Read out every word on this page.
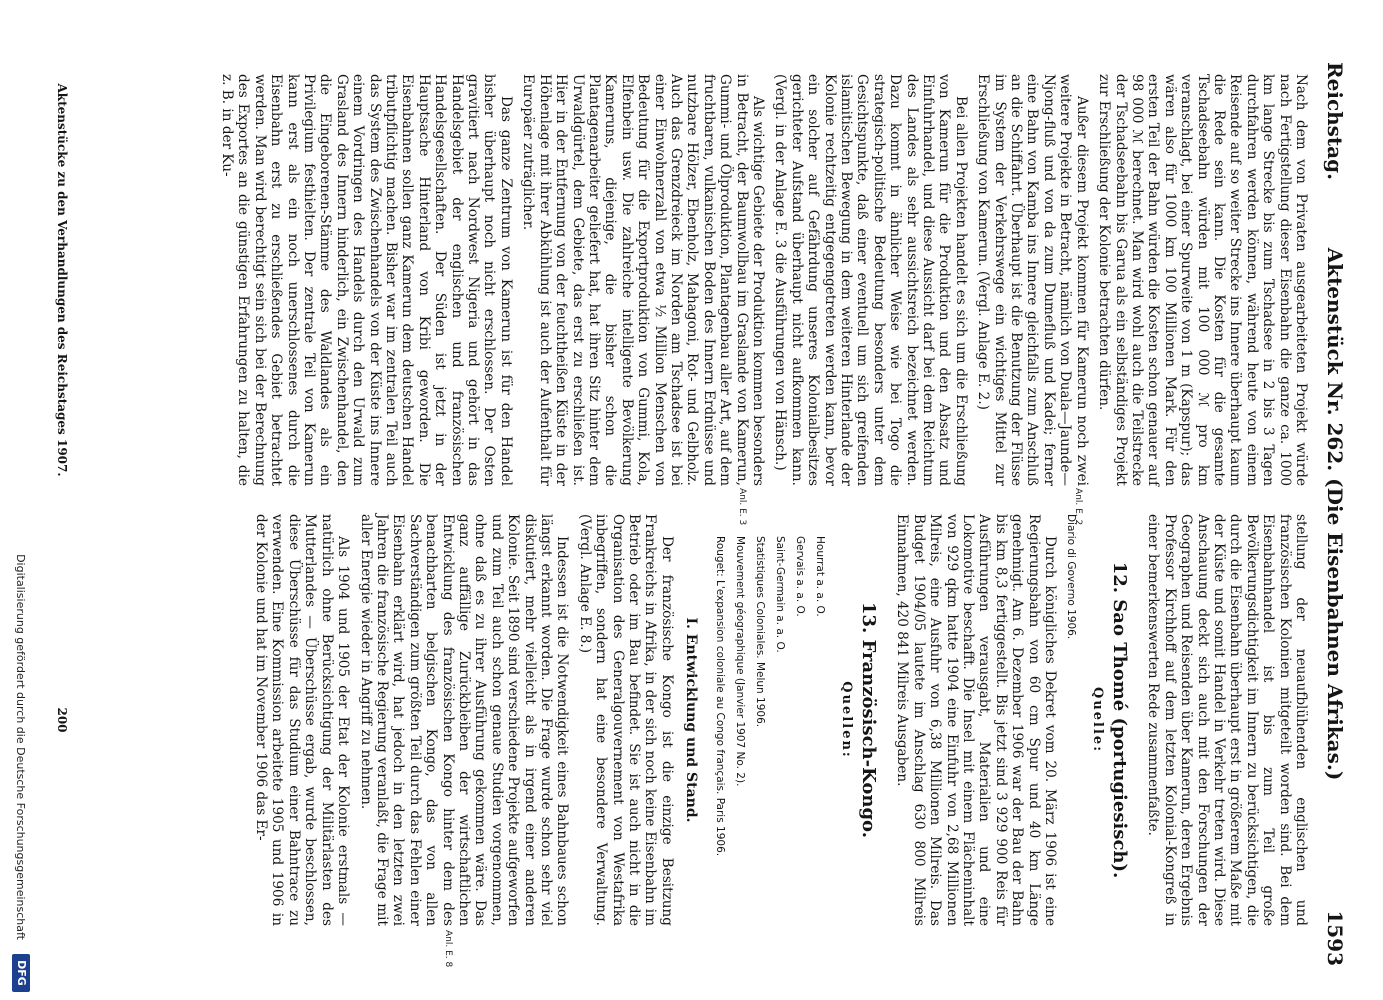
Reichstag.
Aktenstück Nr. 262. (Die Eisenbahnen Afrikas.)
1593

Nach dem von Privaten ausgearbeiteten Projekt würde nach Fertigstellung dieser Eisenbahn die ganze ca. 1000 km lange Strecke bis zum Tschadsee in 2 bis 3 Tagen durchfahren werden können, während heute von einem Reisende auf so weiter Strecke ins Innere überhaupt kaum die Rede sein kann. Die Kosten für die gesamte Tschadseebahn würden mit 100 000 ℳ pro km veranschlagt, bei einer Spurweite von 1 m (Kapspur); das wären also für 1000 km 100 Millionen Mark. Für den ersten Teil der Bahn würden die Kosten schon genauer auf 98 000 ℳ berechnet. Man wird wohl auch die Teilstrecke der Tschadseebahn bis Garua als ein selbständiges Projekt zur Erschließung der Kolonie betrachten dürfen.

Außer diesem Projekt kommen für Kamerun noch zwei weitere Projekte in Betracht, nämlich von Duala—Jaunde—Njong-fluß und von da zum Dumefluß und Kadei; ferner eine Bahn von Kamba ins Innere gleichfalls zum Anschluß an die Schiffahrt. Überhaupt ist die Benutzung der Flüsse im System der Verkehrswege ein wichtiges Mittel zur Erschließung von Kamerun. (Vergl. Anlage E. 2.)

Bei allen Projekten handelt es sich um die Erschließung von Kamerun für die Produktion und den Absatz und Einfuhrhandel, und diese Aussicht darf bei dem Reichtum des Landes als sehr aussichtsreich bezeichnet werden. Dazu kommt in ähnlicher Weise wie bei Togo die strategisch-politische Bedeutung besonders unter dem Gesichtspunkte, daß einer eventuell um sich greifenden islamitischen Bewegung in dem weiteren Hinterlande der Kolonie rechtzeitig entgegengetreten werden kann, bevor ein solcher auf Gefährdung unseres Kolonialbesitzes gerichteter Aufstand überhaupt nicht aufkommen kann. (Vergl. in der Anlage E. 3 die Ausführungen von Hänsch.)

Als wichtige Gebiete der Produktion kommen besonders in Betracht, der Baumwollbau im Graslande von Kamerun, Gummi- und Ölproduktion, Plantagenbau aller Art, auf dem fruchtbaren, vulkanischen Boden des Innern Erdnüsse und nutzbare Hölzer, Ebenholz, Mahagoni, Rot- und Gelbholz. Auch das Grenzdreieck im Norden am Tschadsee ist bei einer Einwohnerzahl von etwa ½ Million Menschen von Bedeutung für die Exportproduktion von Gummi, Kola, Elfenbein usw. Die zahlreiche intelligente Bevölkerung Kameruns, diejenige, die bisher schon die Plantagenarbeiter geliefert hat, hat ihren Sitz hinter dem Urwaldgürtel, dem Gebiete, das erst zu erschließen ist. Hier in der Entfernung von der feuchtheißen Küste in der Höhenlage mit ihrer Abkühlung ist auch der Aufenthalt für Europäer zuträglicher.

Das ganze Zentrum von Kamerun ist für den Handel bisher überhaupt noch nicht erschlossen. Der Osten gravitiert nach Nordwest Nigeria und gehört in das Handelsgebiet der englischen und französischen Handelsgesellschaften. Der Süden ist jetzt in der Hauptsache Hinterland von Kribi geworden. Die Eisenbahnen sollen ganz Kamerun dem deutschen Handel tributpflichtig machen. Bisher war im zentralen Teil auch das System des Zwischenhandels von der Küste ins Innere einem Vordringen des Handels durch den Urwald zum Grasland des Innern hinderlich, ein Zwischenhandel, den die Eingeborenen-Stämme des Waldlandes als ein Privilegium festhielten. Der zentrale Teil von Kamerun kann erst als ein noch unerschlossenes durch die Eisenbahn erst zu erschließendes Gebiet betrachtet werden. Man wird berechtigt sein sich bei der Berechnung des Exportes an die günstigen Erfahrungen zu halten, die z. B. in der Ku-

stellung der neuaufblühenden englischen und französischen Kolonien mitgeteilt worden sind. Bei dem Eisenbahnhandel ist bis zum Teil große Bevölkerungsdichtigkeit im Innern zu berücksichtigen, die durch die Eisenbahn überhaupt erst in größerem Maße mit der Küste und somit Handel in Verkehr treten wird. Diese Anschauung deckt sich auch mit den Forschungen der Geographen und Reisenden über Kamerun, deren Ergebnis Professor Kirchhoff auf dem letzten Kolonial-Kongreß in einer bemerkenswerten Rede zusammenfaßte.

12. Sao Thomé (portugiesisch).
Quelle:

Diario di Governo 1906.

Durch königliches Dekret vom 20. März 1906 ist eine Regierungsbahn von 60 cm Spur und 40 km Länge genehmigt. Am 6. Dezember 1906 war der Bau der Bahn bis km 8,3 fertiggestellt. Bis jetzt sind 3 929 900 Reis für Ausführungen verausgabt, Materialien und eine Lokomotive beschafft. Die Insel mit einem Flächeninhalt von 929 qkm hatte 1904 eine Einfuhr von 2,68 Millionen Milreis, eine Ausfuhr von 6,38 Millionen Milreis. Das Budget 1904/05 lautete im Anschlag 630 800 Milreis Einnahmen, 420 841 Milreis Ausgaben.

13. Französisch-Kongo.
Quellen:

Hourrat a. a. O.

Gervais a. a. O.

Saint-Germain a. a. O.

Statistiques Coloniales. Melun 1906.

Mouvement géographique (Janvier 1907 No. 2).

Rouget: L'expansion coloniale au Congo français. Paris 1906.

I. Entwicklung und Stand.

Der französische Kongo ist die einzige Besitzung Frankreichs in Afrika, in der sich noch keine Eisenbahn im Betrieb oder im Bau befindet. Sie ist auch nicht in die Organisation des Generalgouvernement von Westafrika inbegriffen, sondern hat eine besondere Verwaltung. (Vergl. Anlage E. 8.)

Indessen ist die Notwendigkeit eines Bahnbaues schon längst erkannt worden. Die Frage wurde schon sehr viel diskutiert, mehr vielleicht als in irgend einer anderen Kolonie. Seit 1890 sind verschiedene Projekte aufgeworfen und zum Teil auch schon genaue Studien vorgenommen, ohne daß es zu ihrer Ausführung gekommen wäre. Das ganz auffällige Zurückbleiben der wirtschaftlichen Entwicklung des französischen Kongo hinter dem des benachbarten belgischen Kongo, das von allen Sachverständigen zum größten Teil durch das Fehlen einer Eisenbahn erklärt wird, hat jedoch in den letzten zwei Jahren die französische Regierung veranlaßt, die Frage mit aller Energie wieder in Angriff zu nehmen.

Als 1904 und 1905 der Etat der Kolonie erstmals — natürlich ohne Berücksichtigung der Militärlasten des Mutterlandes — Überschüsse ergab, wurde beschlossen, diese Überschüsse für das Studium einer Bahntrace zu verwenden. Eine Kommission arbeitete 1905 und 1906 in der Kolonie und hat im November 1906 das Er-

Anl. E. 2
Anl. E. 3
Anl. E. 8
Aktenstücke zu den Verhandlungen des Reichstages 1907.
200
Digitalisierung gefördert durch die Deutsche Forschungsgemeinschaft
DFG
